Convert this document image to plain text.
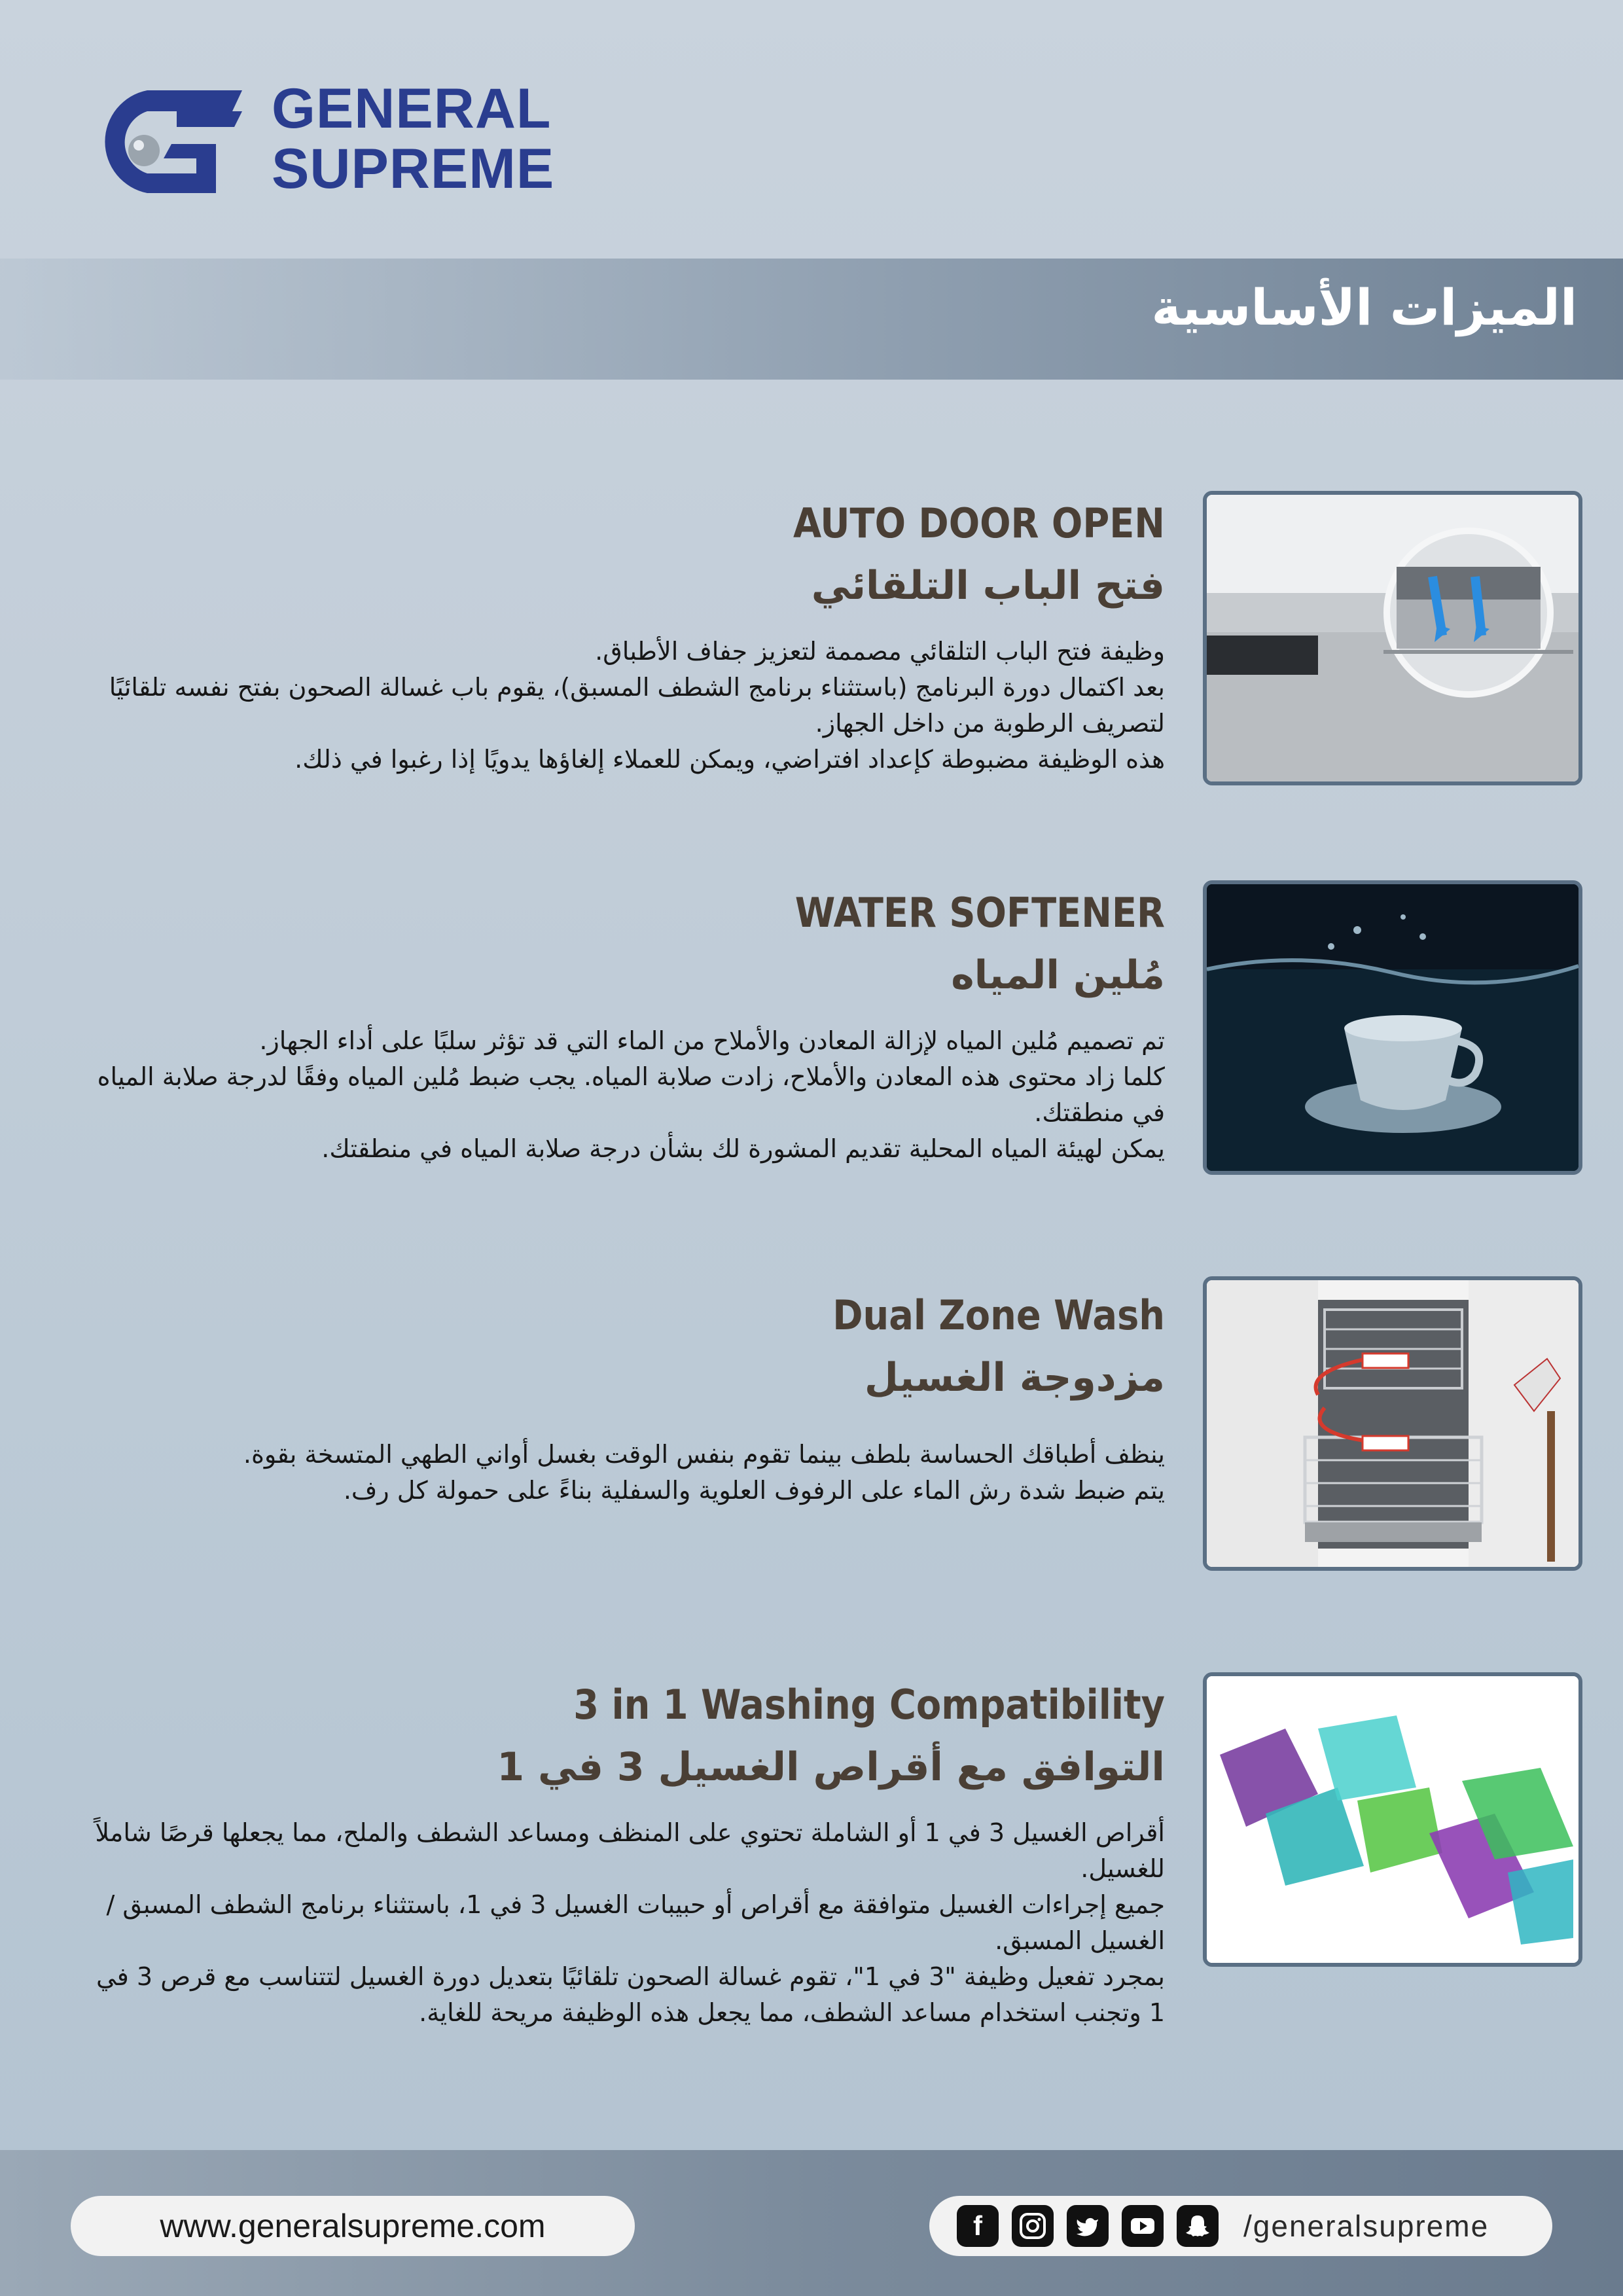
GENERAL
SUPREME
الميزات الأساسية
AUTO DOOR OPEN
فتح الباب التلقائي

وظيفة فتح الباب التلقائي مصممة لتعزيز جفاف الأطباق.

بعد اكتمال دورة البرنامج (باستثناء برنامج الشطف المسبق)، يقوم باب غسالة الصحون بفتح نفسه تلقائيًا لتصريف الرطوبة من داخل الجهاز.

هذه الوظيفة مضبوطة كإعداد افتراضي، ويمكن للعملاء إلغاؤها يدويًا إذا رغبوا في ذلك.

WATER SOFTENER
مُلين المياه

تم تصميم مُلين المياه لإزالة المعادن والأملاح من الماء التي قد تؤثر سلبًا على أداء الجهاز.

كلما زاد محتوى هذه المعادن والأملاح، زادت صلابة المياه. يجب ضبط مُلين المياه وفقًا لدرجة صلابة المياه في منطقتك.

يمكن لهيئة المياه المحلية تقديم المشورة لك بشأن درجة صلابة المياه في منطقتك.

Dual Zone Wash
مزدوجة الغسيل

ينظف أطباقك الحساسة بلطف بينما تقوم بنفس الوقت بغسل أواني الطهي المتسخة بقوة.

يتم ضبط شدة رش الماء على الرفوف العلوية والسفلية بناءً على حمولة كل رف.

3 in 1 Washing Compatibility
التوافق مع أقراص الغسيل 3 في 1

أقراص الغسيل 3 في 1 أو الشاملة تحتوي على المنظف ومساعد الشطف والملح، مما يجعلها قرصًا شاملاً للغسيل.

جميع إجراءات الغسيل متوافقة مع أقراص أو حبيبات الغسيل 3 في 1، باستثناء برنامج الشطف المسبق / الغسيل المسبق.

بمجرد تفعيل وظيفة "3 في 1"، تقوم غسالة الصحون تلقائيًا بتعديل دورة الغسيل لتتناسب مع قرص 3 في 1 وتجنب استخدام مساعد الشطف، مما يجعل هذه الوظيفة مريحة للغاية.

www.generalsupreme.com	f	/generalsupreme
